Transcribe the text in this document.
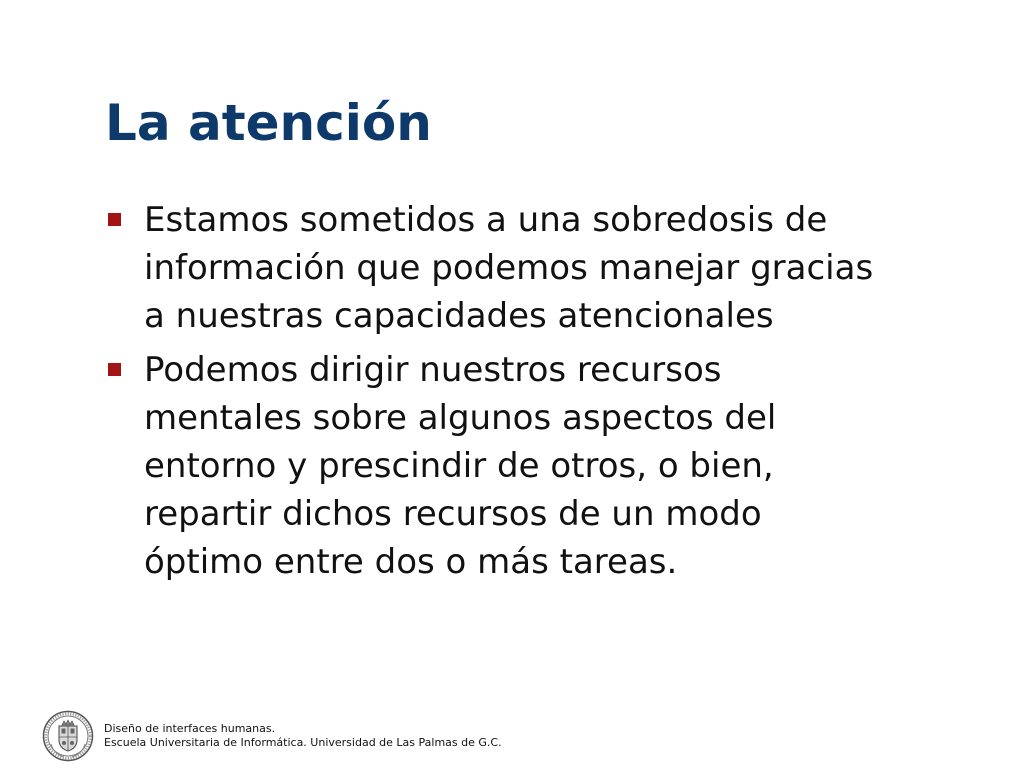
La atención
Estamos sometidos a una sobredosis de
información que podemos manejar gracias
a nuestras capacidades atencionales
Podemos dirigir nuestros recursos
mentales sobre algunos aspectos del
entorno y prescindir de otros, o bien,
repartir dichos recursos de un modo
óptimo entre dos o más tareas.
Diseño de interfaces humanas.
Escuela Universitaria de Informática. Universidad de Las Palmas de G.C.
